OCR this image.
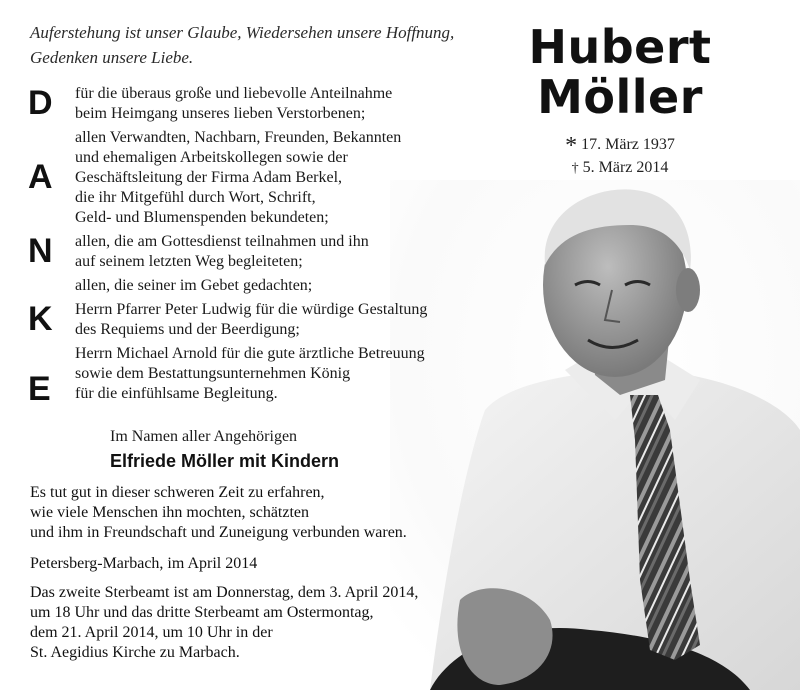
Auferstehung ist unser Glaube, Wiedersehen unsere Hoffnung,
Gedenken unsere Liebe.	Hubert
Möller
* 17. März 1937
† 5. März 2014
D
A
N
K
E

für die überaus große und liebevolle Anteilnahme
beim Heimgang unseres lieben Verstorbenen;

allen Verwandten, Nachbarn, Freunden, Bekannten
und ehemaligen Arbeitskollegen sowie der
Geschäftsleitung der Firma Adam Berkel,
die ihr Mitgefühl durch Wort, Schrift,
Geld- und Blumenspenden bekundeten;

allen, die am Gottesdienst teilnahmen und ihn
auf seinem letzten Weg begleiteten;

allen, die seiner im Gebet gedachten;

Herrn Pfarrer Peter Ludwig für die würdige Gestaltung
des Requiems und der Beerdigung;

Herrn Michael Arnold für die gute ärztliche Betreuung
sowie dem Bestattungsunternehmen König
für die einfühlsame Begleitung.

Im Namen aller Angehörigen
Elfriede Möller mit Kindern
Es tut gut in dieser schweren Zeit zu erfahren,
wie viele Menschen ihn mochten, schätzten
und ihm in Freundschaft und Zuneigung verbunden waren.
Petersberg-Marbach, im April 2014
Das zweite Sterbeamt ist am Donnerstag, dem 3. April 2014,
um 18 Uhr und das dritte Sterbeamt am Ostermontag,
dem 21. April 2014, um 10 Uhr in der
St. Aegidius Kirche zu Marbach.
